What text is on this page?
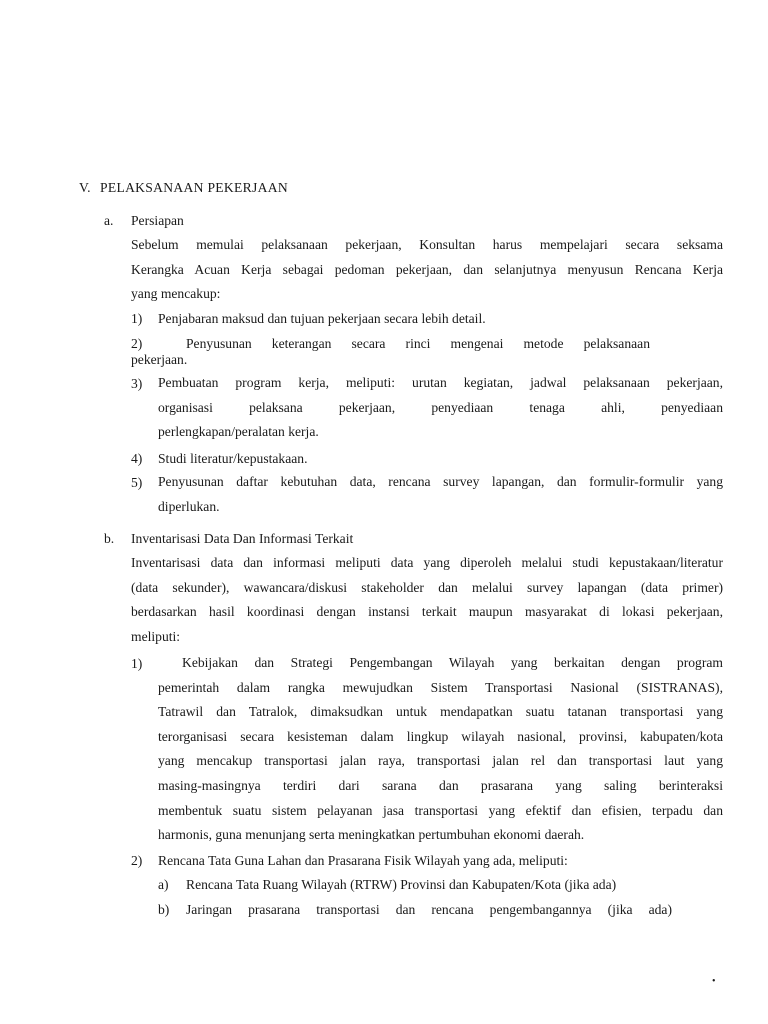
V. PELAKSANAAN PEKERJAAN
a. Persiapan
Sebelum memulai pelaksanaan pekerjaan, Konsultan harus mempelajari secara seksama
Kerangka Acuan Kerja sebagai pedoman pekerjaan, dan selanjutnya menyusun Rencana Kerja
yang mencakup:
1) Penjabaran maksud dan tujuan pekerjaan secara lebih detail.
2)	Penyusunan keterangan secara rinci mengenai metode pelaksanaan
pekerjaan.
3) Pembuatan program kerja, meliputi: urutan kegiatan, jadwal pelaksanaan pekerjaan,
organisasi pelaksana pekerjaan, penyediaan tenaga ahli, penyediaan
perlengkapan/peralatan kerja.
4) Studi literatur/kepustakaan.
5) Penyusunan daftar kebutuhan data, rencana survey lapangan, dan formulir-formulir yang
diperlukan.
b. Inventarisasi Data Dan Informasi Terkait
Inventarisasi data dan informasi meliputi data yang diperoleh melalui studi kepustakaan/literatur
(data sekunder), wawancara/diskusi stakeholder dan melalui survey lapangan (data primer)
berdasarkan hasil koordinasi dengan instansi terkait maupun masyarakat di lokasi pekerjaan,
meliputi:
1)	Kebijakan dan Strategi Pengembangan Wilayah yang berkaitan dengan program
pemerintah dalam rangka mewujudkan Sistem Transportasi Nasional (SISTRANAS),
Tatrawil dan Tatralok, dimaksudkan untuk mendapatkan suatu tatanan transportasi yang
terorganisasi secara kesisteman dalam lingkup wilayah nasional, provinsi, kabupaten/kota
yang mencakup transportasi jalan raya, transportasi jalan rel dan transportasi laut yang
masing-masingnya terdiri dari sarana dan prasarana yang saling berinteraksi
membentuk suatu sistem pelayanan jasa transportasi yang efektif dan efisien, terpadu dan
harmonis, guna menunjang serta meningkatkan pertumbuhan ekonomi daerah.
2) Rencana Tata Guna Lahan dan Prasarana Fisik Wilayah yang ada, meliputi:
a) Rencana Tata Ruang Wilayah (RTRW) Provinsi dan Kabupaten/Kota (jika ada)
b) Jaringan prasarana transportasi dan rencana pengembangannya (jika ada)
•
